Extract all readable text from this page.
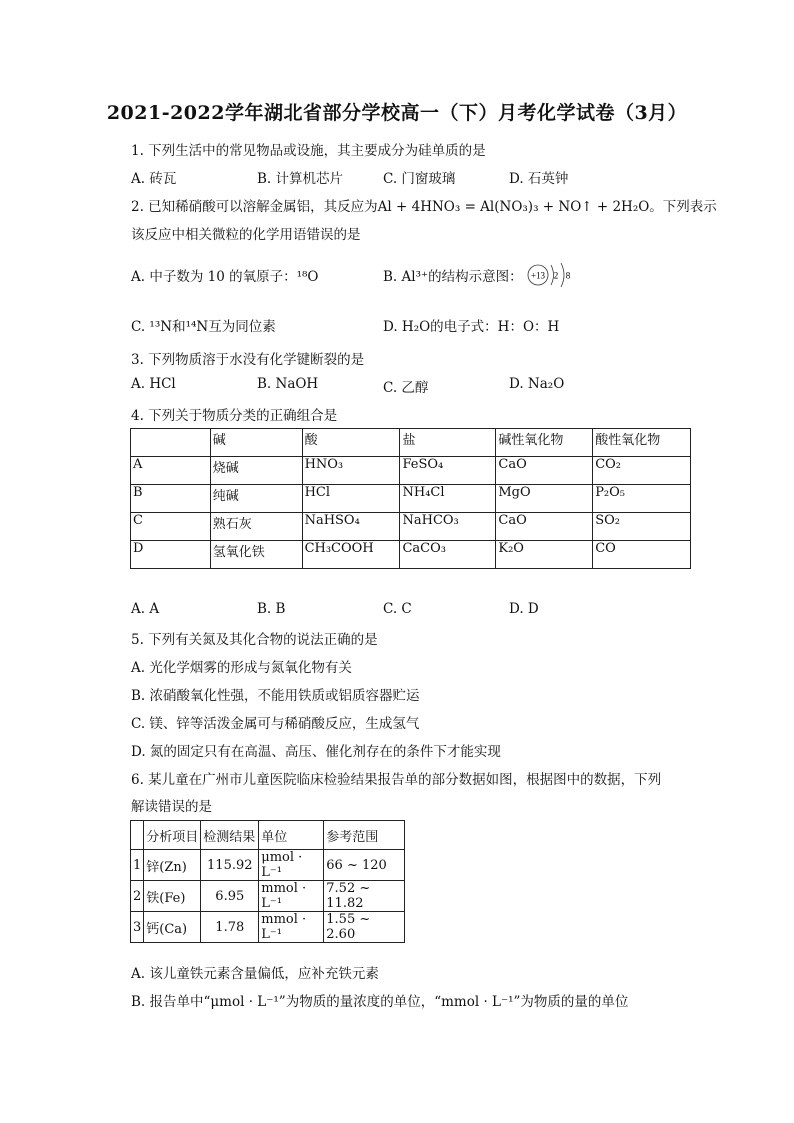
2021-2022学年湖北省部分学校高一（下）月考化学试卷（3月）
1. 下列生活中的常见物品或设施，其主要成分为硅单质的是
A. 砖瓦	B. 计算机芯片	C. 门窗玻璃	D. 石英钟
2. 已知稀硝酸可以溶解金属铝，其反应为Al + 4HNO₃ = Al(NO₃)₃ + NO↑ + 2H₂O。下列表示
该反应中相关微粒的化学用语错误的是
A. 中子数为 10 的氧原子：¹⁸O	B. Al³⁺的结构示意图： +13 2 8
C. ¹³N和¹⁴N互为同位素	D. H₂O的电子式：H：O：H
3. 下列物质溶于水没有化学键断裂的是
A. HCl	B. NaOH	C. 乙醇	D. Na₂O
4. 下列关于物质分类的正确组合是
	碱	酸	盐	碱性氧化物	酸性氧化物
A	烧碱	HNO₃	FeSO₄	CaO	CO₂
B	纯碱	HCl	NH₄Cl	MgO	P₂O₅
C	熟石灰	NaHSO₄	NaHCO₃	CaO	SO₂
D	氢氧化铁	CH₃COOH	CaCO₃	K₂O	CO
A. A	B. B	C. C	D. D
5. 下列有关氮及其化合物的说法正确的是
A. 光化学烟雾的形成与氮氧化物有关
B. 浓硝酸氧化性强，不能用铁质或铝质容器贮运
C. 镁、锌等活泼金属可与稀硝酸反应，生成氢气
D. 氮的固定只有在高温、高压、催化剂存在的条件下才能实现
6. 某儿童在广州市儿童医院临床检验结果报告单的部分数据如图，根据图中的数据，下列
解读错误的是
	分析项目	检测结果	单位	参考范围
1	锌(Zn)	115.92	μmol · L⁻¹	66 ~ 120
2	铁(Fe)	6.95	mmol · L⁻¹	7.52 ~ 11.82
3	钙(Ca)	1.78	mmol · L⁻¹	1.55 ~ 2.60
A. 该儿童铁元素含量偏低，应补充铁元素
B. 报告单中“μmol · L⁻¹”为物质的量浓度的单位，“mmol · L⁻¹”为物质的量的单位
